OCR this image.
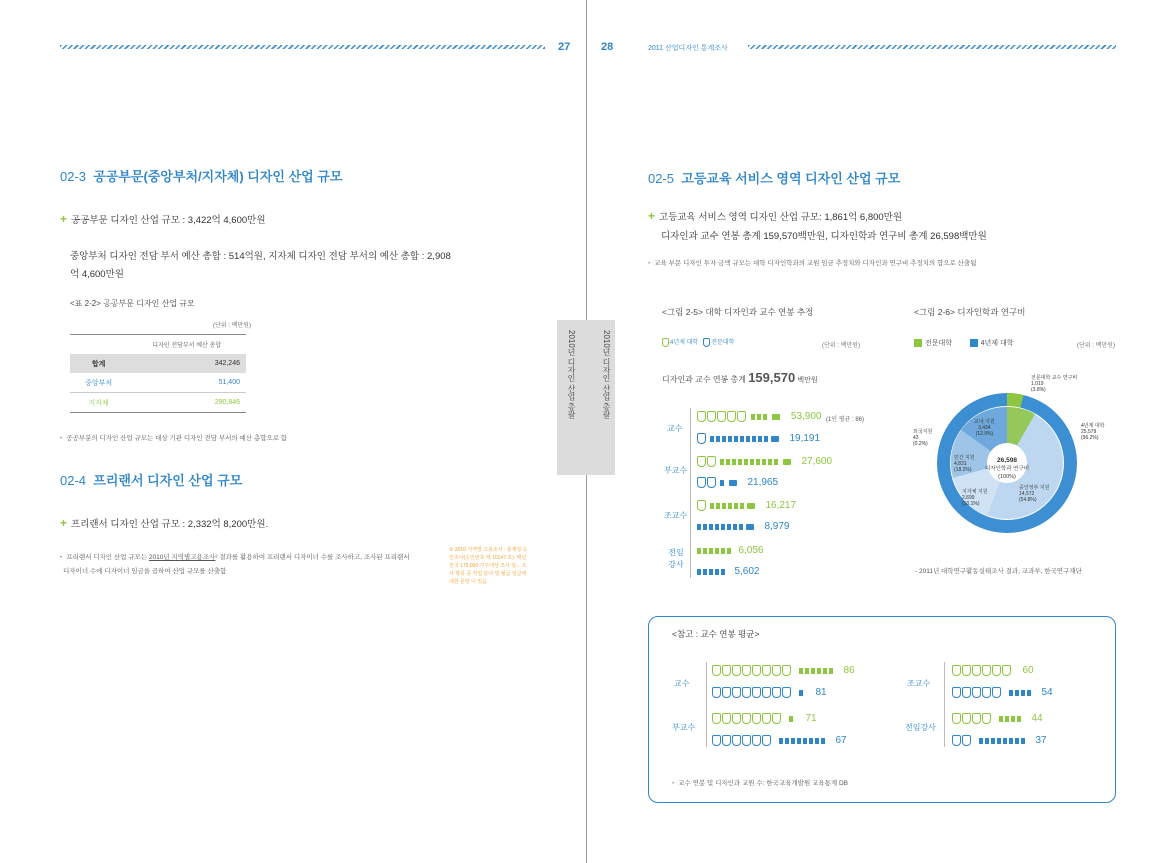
27	28	2011 산업디자인 통계조사
2010년 디자인 산업 총괄	2010년 디자인 산업 총괄
02-3 공공부문(중앙부처/지자체) 디자인 산업 규모
+ 공공부문 디자인 산업 규모 : 3,422억 4,600만원
중앙부처 디자인 전담 부서 예산 총합 : 514억원, 지자체 디자인 전담 부서의 예산 총합 : 2,908
억 4,600만원
<표 2-2> 공공부문 디자인 산업 규모
(단위 : 백만원)
	디자인 전담부서 예산 총합
합계	342,246
중앙부처	51,400
지자체	290,846
• 공공부분의 디자인 산업 규모는 대상 기관 디자인 전담 부서의 예산 총합으로 함
02-4 프리랜서 디자인 산업 규모
+ 프리랜서 디자인 산업 규모 : 2,332억 8,200만원.
• 프리랜서 디자인 산업 규모는 2010년 지역별고용조사² 결과를 활용하여 프리랜서 디자이너 수를 조사하고, 조사된 프리랜서
디자이너 수에 디자이너 임금을 곱하여 산업 규모를 산출함
② 2010 지역별 고용조사 : 통계청 승인조사(승인번호 제 10147 호). 매년 전국 175,000 가구대상 조사 임... 조사 항목 중 직업 분야 및 월급 임금에 대한 문항 이 있음
02-5 고등교육 서비스 영역 디자인 산업 규모
+ 고등교육 서비스 영역 디자인 산업 규모: 1,861억 6,800만원
디자인과 교수 연봉 총계 159,570백만원, 디자인학과 연구비 총계 26,598백만원
• 교육 부문 디자인 투자 금액 규모는 대학 디자인학과의 교원 임금 추정치와 디자인과 연구비 추정치의 합으로 산출됨
<그림 2-5> 대학 디자인과 교수 연봉 추정
4년제 대학 전문대학	(단위 : 백만원)
디자인과 교수 연봉 총계 159,570 백만원
교수
53,900 (1인 평균 : 86)
19,191
부교수
27,600
21,965
조교수
16,217
8,979
전임
강사
6,056
5,602
<그림 2-6> 디자인학과 연구비
전문대학	4년제 대학	(단위 : 백만원)
26,598
디자인학과 연구비
(100%)
전문대학 교수 연구비
1,019
(3.8%)
4년제 대학
25,579
(96.2%)
교내 지원
3,434
(12.9%)
외국지원
43
(0.2%)
민간 지원
4,831
(18.2%)
지자체 지원
2,699
(10.1%)
중앙정부 지원
14,572
(54.8%)
- 2011년 대학연구활동실태조사 결과, 교과부, 한국연구재단
<참고 : 교수 연봉 평균>
교수
86
81
부교수
71
67
조교수
60
54
전임강사
44
37
• 교수 연봉 및 디자인과 교원 수: 한국교육개발원 교육통계 DB
